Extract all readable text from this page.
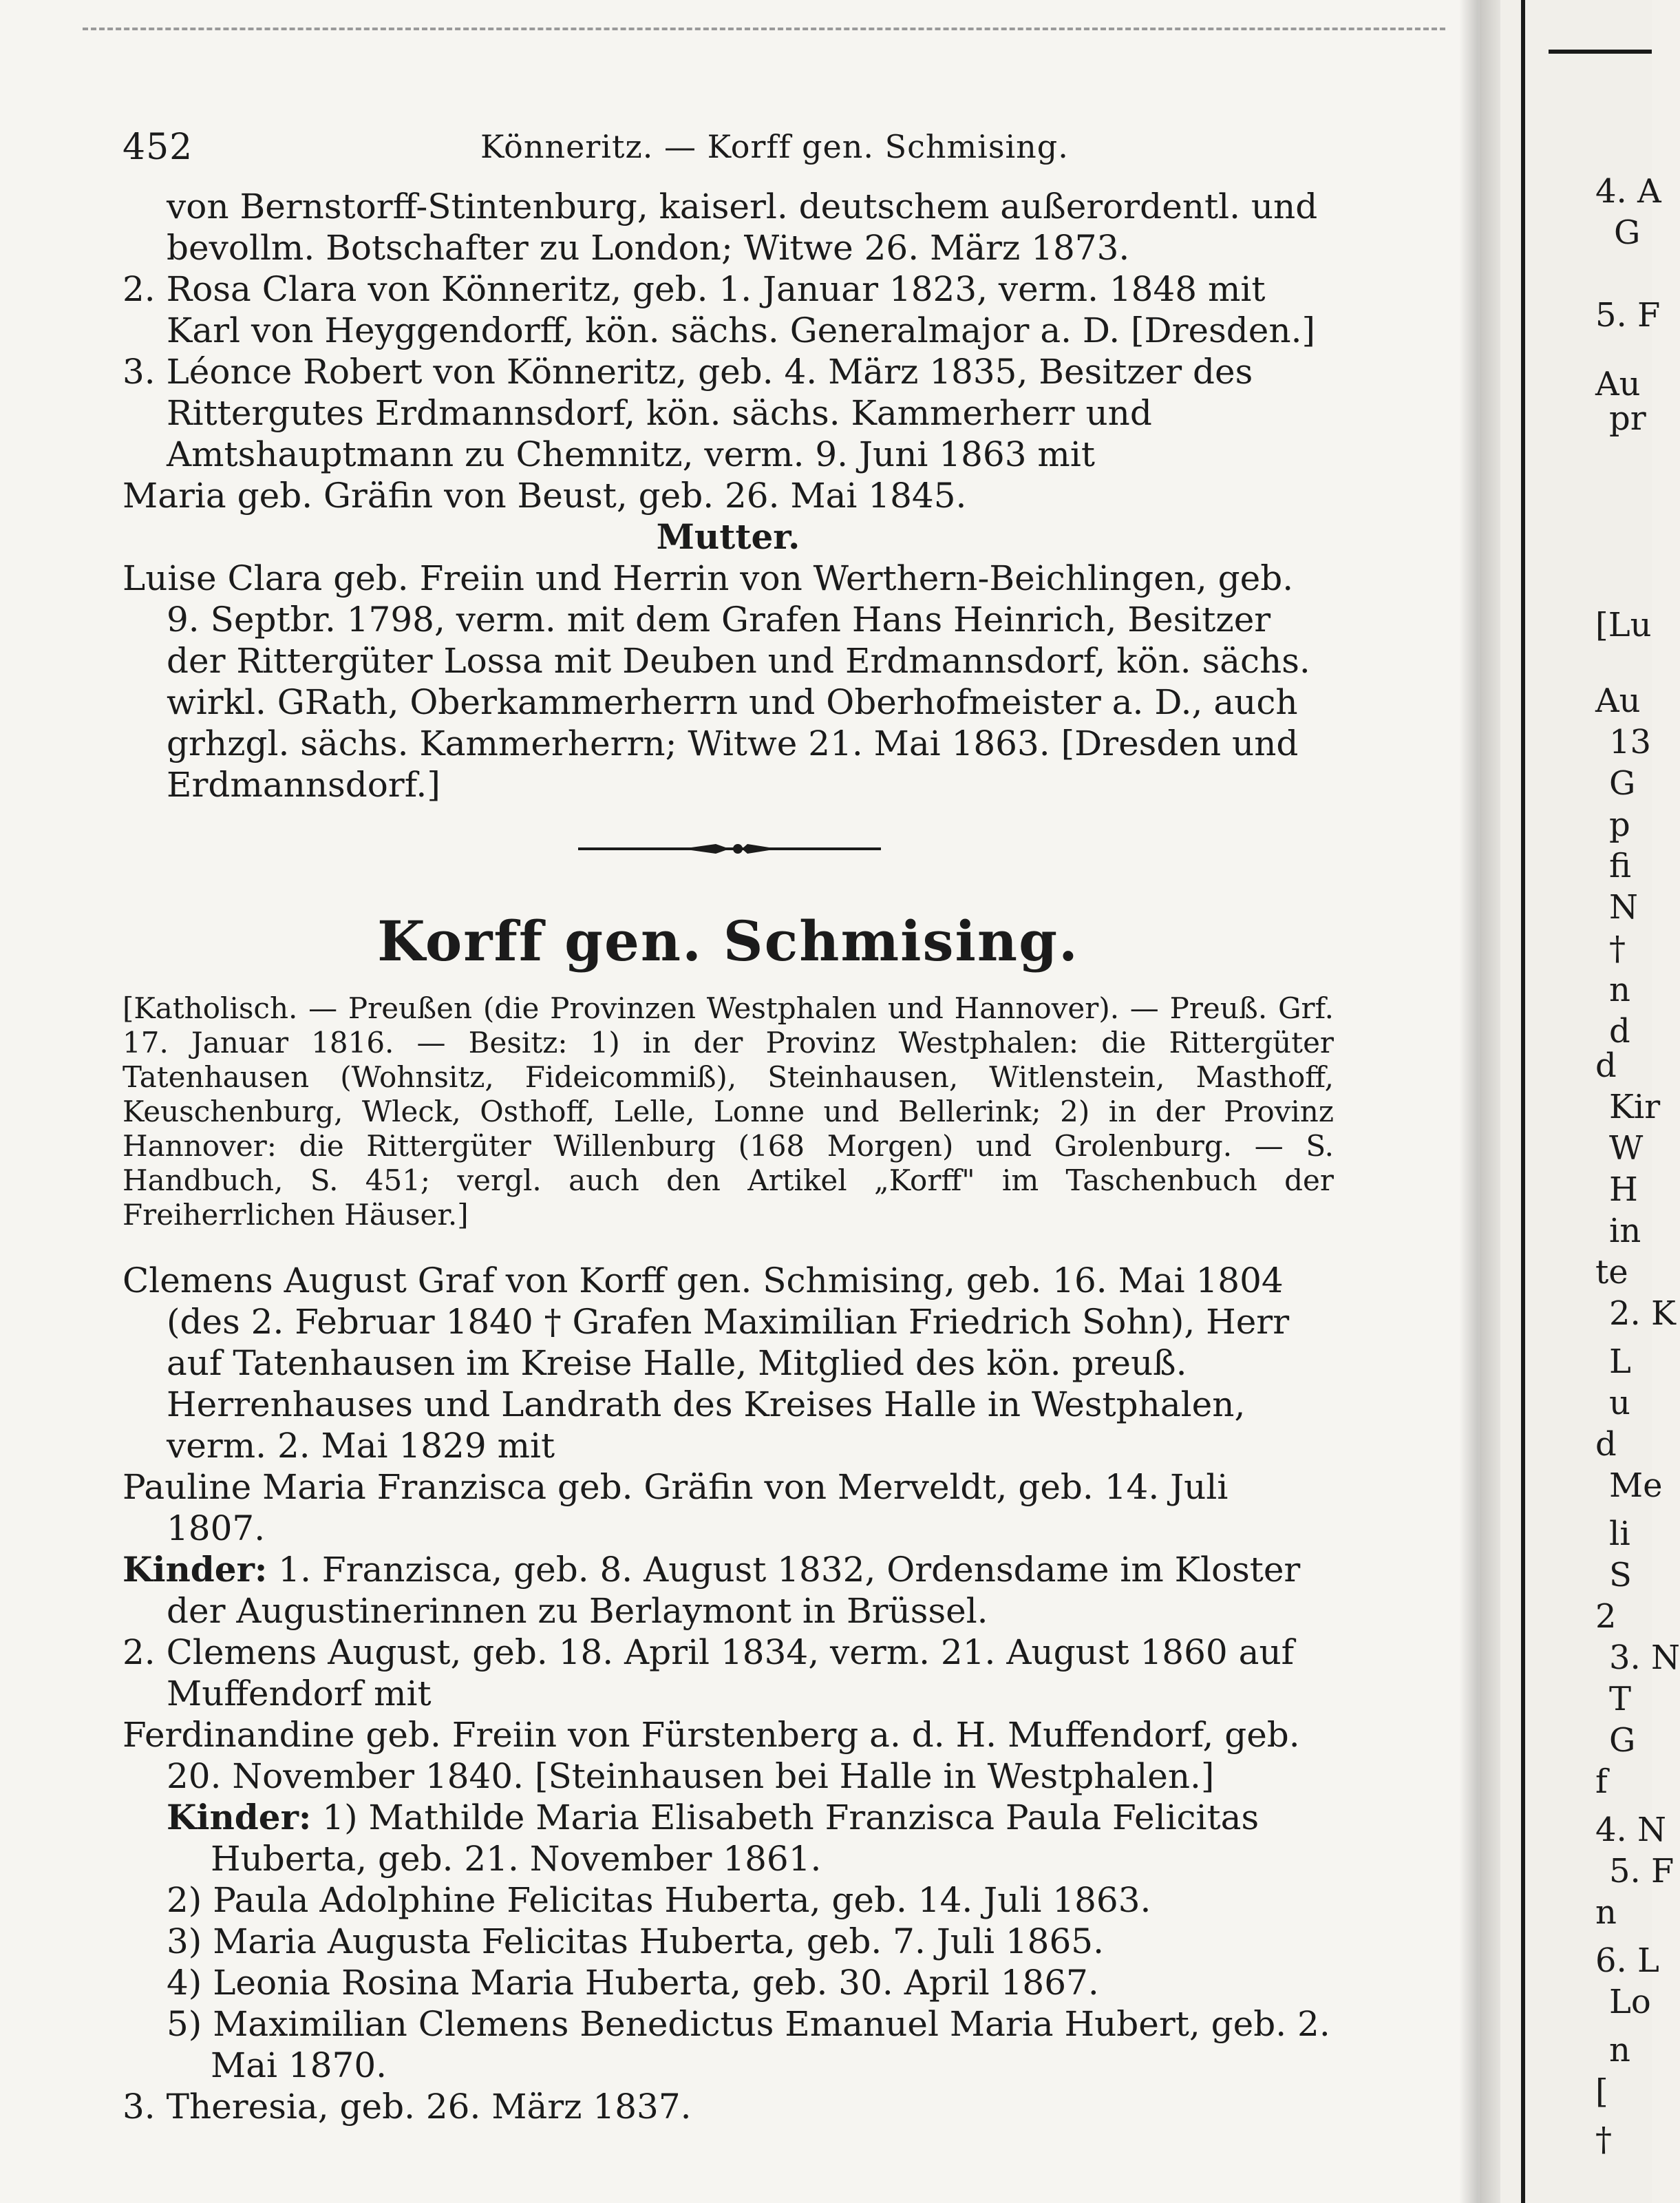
452	Könneritz. — Korff gen. Schmising.

von Bernstorff-Stintenburg, kaiserl. deutschem außerordentl. und bevollm. Botschafter zu London; Witwe 26. März 1873.

2. Rosa Clara von Könneritz, geb. 1. Januar 1823, verm. 1848 mit Karl von Heyggendorff, kön. sächs. Generalmajor a. D. [Dresden.]

3. Léonce Robert von Könneritz, geb. 4. März 1835, Besitzer des Rittergutes Erdmannsdorf, kön. sächs. Kammerherr und Amtshauptmann zu Chemnitz, verm. 9. Juni 1863 mit

Maria geb. Gräfin von Beust, geb. 26. Mai 1845.

Mutter.

Luise Clara geb. Freiin und Herrin von Werthern-Beichlingen, geb. 9. Septbr. 1798, verm. mit dem Grafen Hans Heinrich, Besitzer der Rittergüter Lossa mit Deuben und Erdmannsdorf, kön. sächs. wirkl. GRath, Oberkammerherrn und Oberhofmeister a. D., auch grhzgl. sächs. Kammerherrn; Witwe 21. Mai 1863. [Dresden und Erdmannsdorf.]

Korff gen. Schmising.

[Katholisch. — Preußen (die Provinzen Westphalen und Hannover). — Preuß. Grf. 17. Januar 1816. — Besitz: 1) in der Provinz Westphalen: die Rittergüter Tatenhausen (Wohnsitz, Fideicommiß), Steinhausen, Witlenstein, Masthoff, Keuschenburg, Wleck, Osthoff, Lelle, Lonne und Bellerink; 2) in der Provinz Hannover: die Rittergüter Willenburg (168 Morgen) und Grolenburg. — S. Handbuch, S. 451; vergl. auch den Artikel „Korff" im Taschenbuch der Freiherrlichen Häuser.]

Clemens August Graf von Korff gen. Schmising, geb. 16. Mai 1804 (des 2. Februar 1840 † Grafen Maximilian Friedrich Sohn), Herr auf Tatenhausen im Kreise Halle, Mitglied des kön. preuß. Herrenhauses und Landrath des Kreises Halle in Westphalen, verm. 2. Mai 1829 mit

Pauline Maria Franzisca geb. Gräfin von Merveldt, geb. 14. Juli 1807.

Kinder: 1. Franzisca, geb. 8. August 1832, Ordensdame im Kloster der Augustinerinnen zu Berlaymont in Brüssel.

2. Clemens August, geb. 18. April 1834, verm. 21. August 1860 auf Muffendorf mit

Ferdinandine geb. Freiin von Fürstenberg a. d. H. Muffendorf, geb. 20. November 1840. [Steinhausen bei Halle in Westphalen.]

Kinder: 1) Mathilde Maria Elisabeth Franzisca Paula Felicitas Huberta, geb. 21. November 1861.

2) Paula Adolphine Felicitas Huberta, geb. 14. Juli 1863.

3) Maria Augusta Felicitas Huberta, geb. 7. Juli 1865.

4) Leonia Rosina Maria Huberta, geb. 30. April 1867.

5) Maximilian Clemens Benedictus Emanuel Maria Hubert, geb. 2. Mai 1870.

3. Theresia, geb. 26. März 1837.

4. A
G
5. F
Au
pr
[Lu
Au
13
G
p
fi
N
†
n
d
d
Kir
W
H
in
te
2. K
L
u
d
Me
li
S
2
3. N
T
G
f
4. N
5. F
n
6. L
Lo
n
[
†
